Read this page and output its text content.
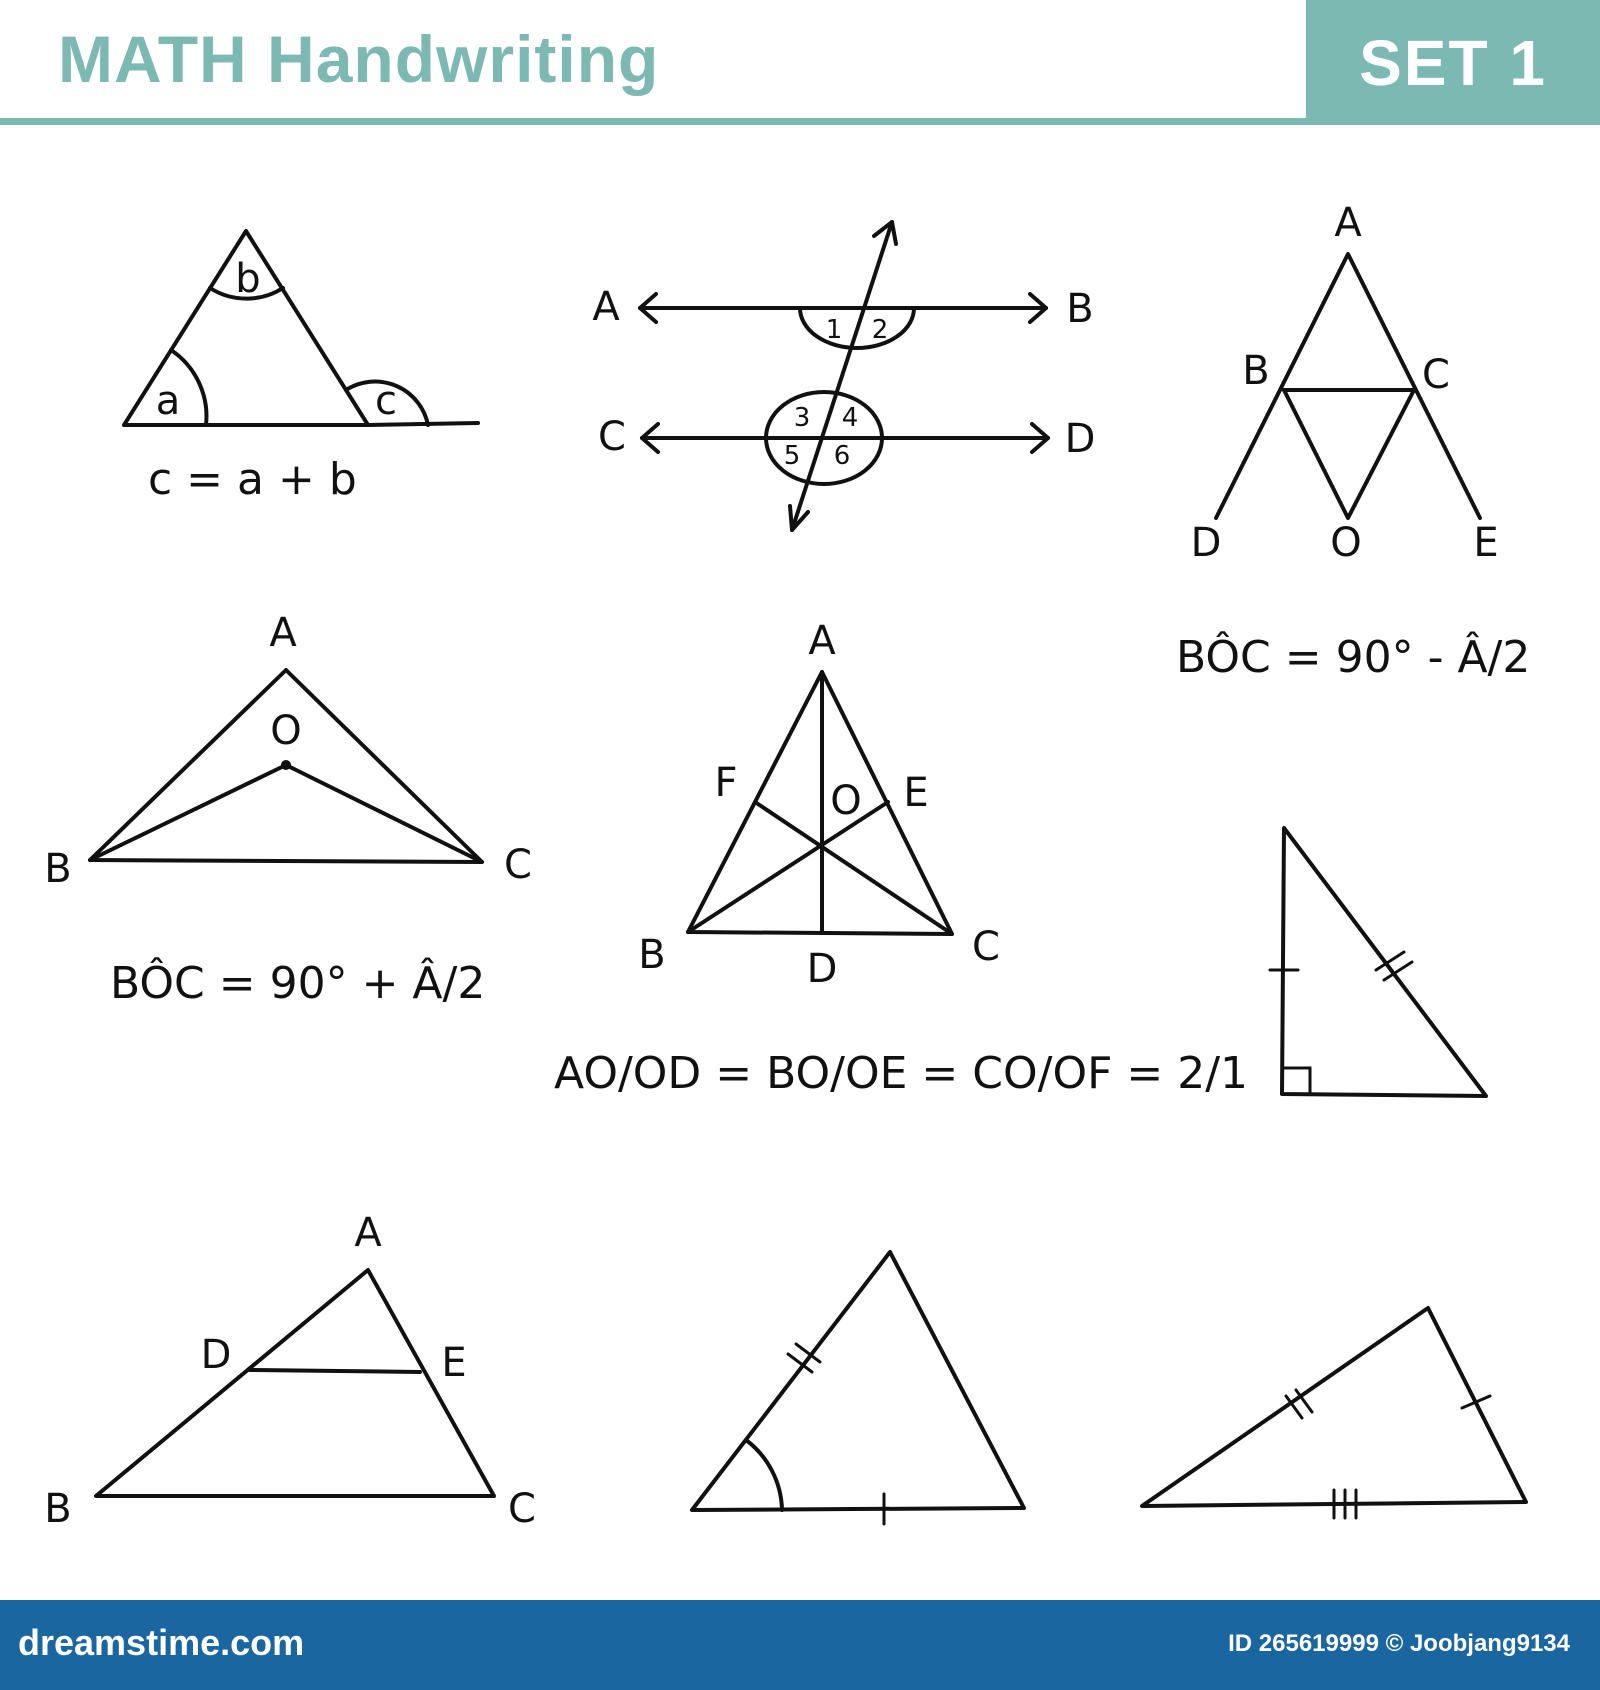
MATH Handwriting	SET 1
a
b
c
c = a + b
1 2
3 4
5 6
A	B
C	D
A
B	C
D	O	E
BÔC = 90° - Â/2
A
O
B	C
BÔC = 90° + Â/2
A
F O E
B	D	C
AO/OD = BO/OE = CO/OF = 2/1
A
D	E
B	C
dreamstime.com	ID 265619999 © Joobjang9134
